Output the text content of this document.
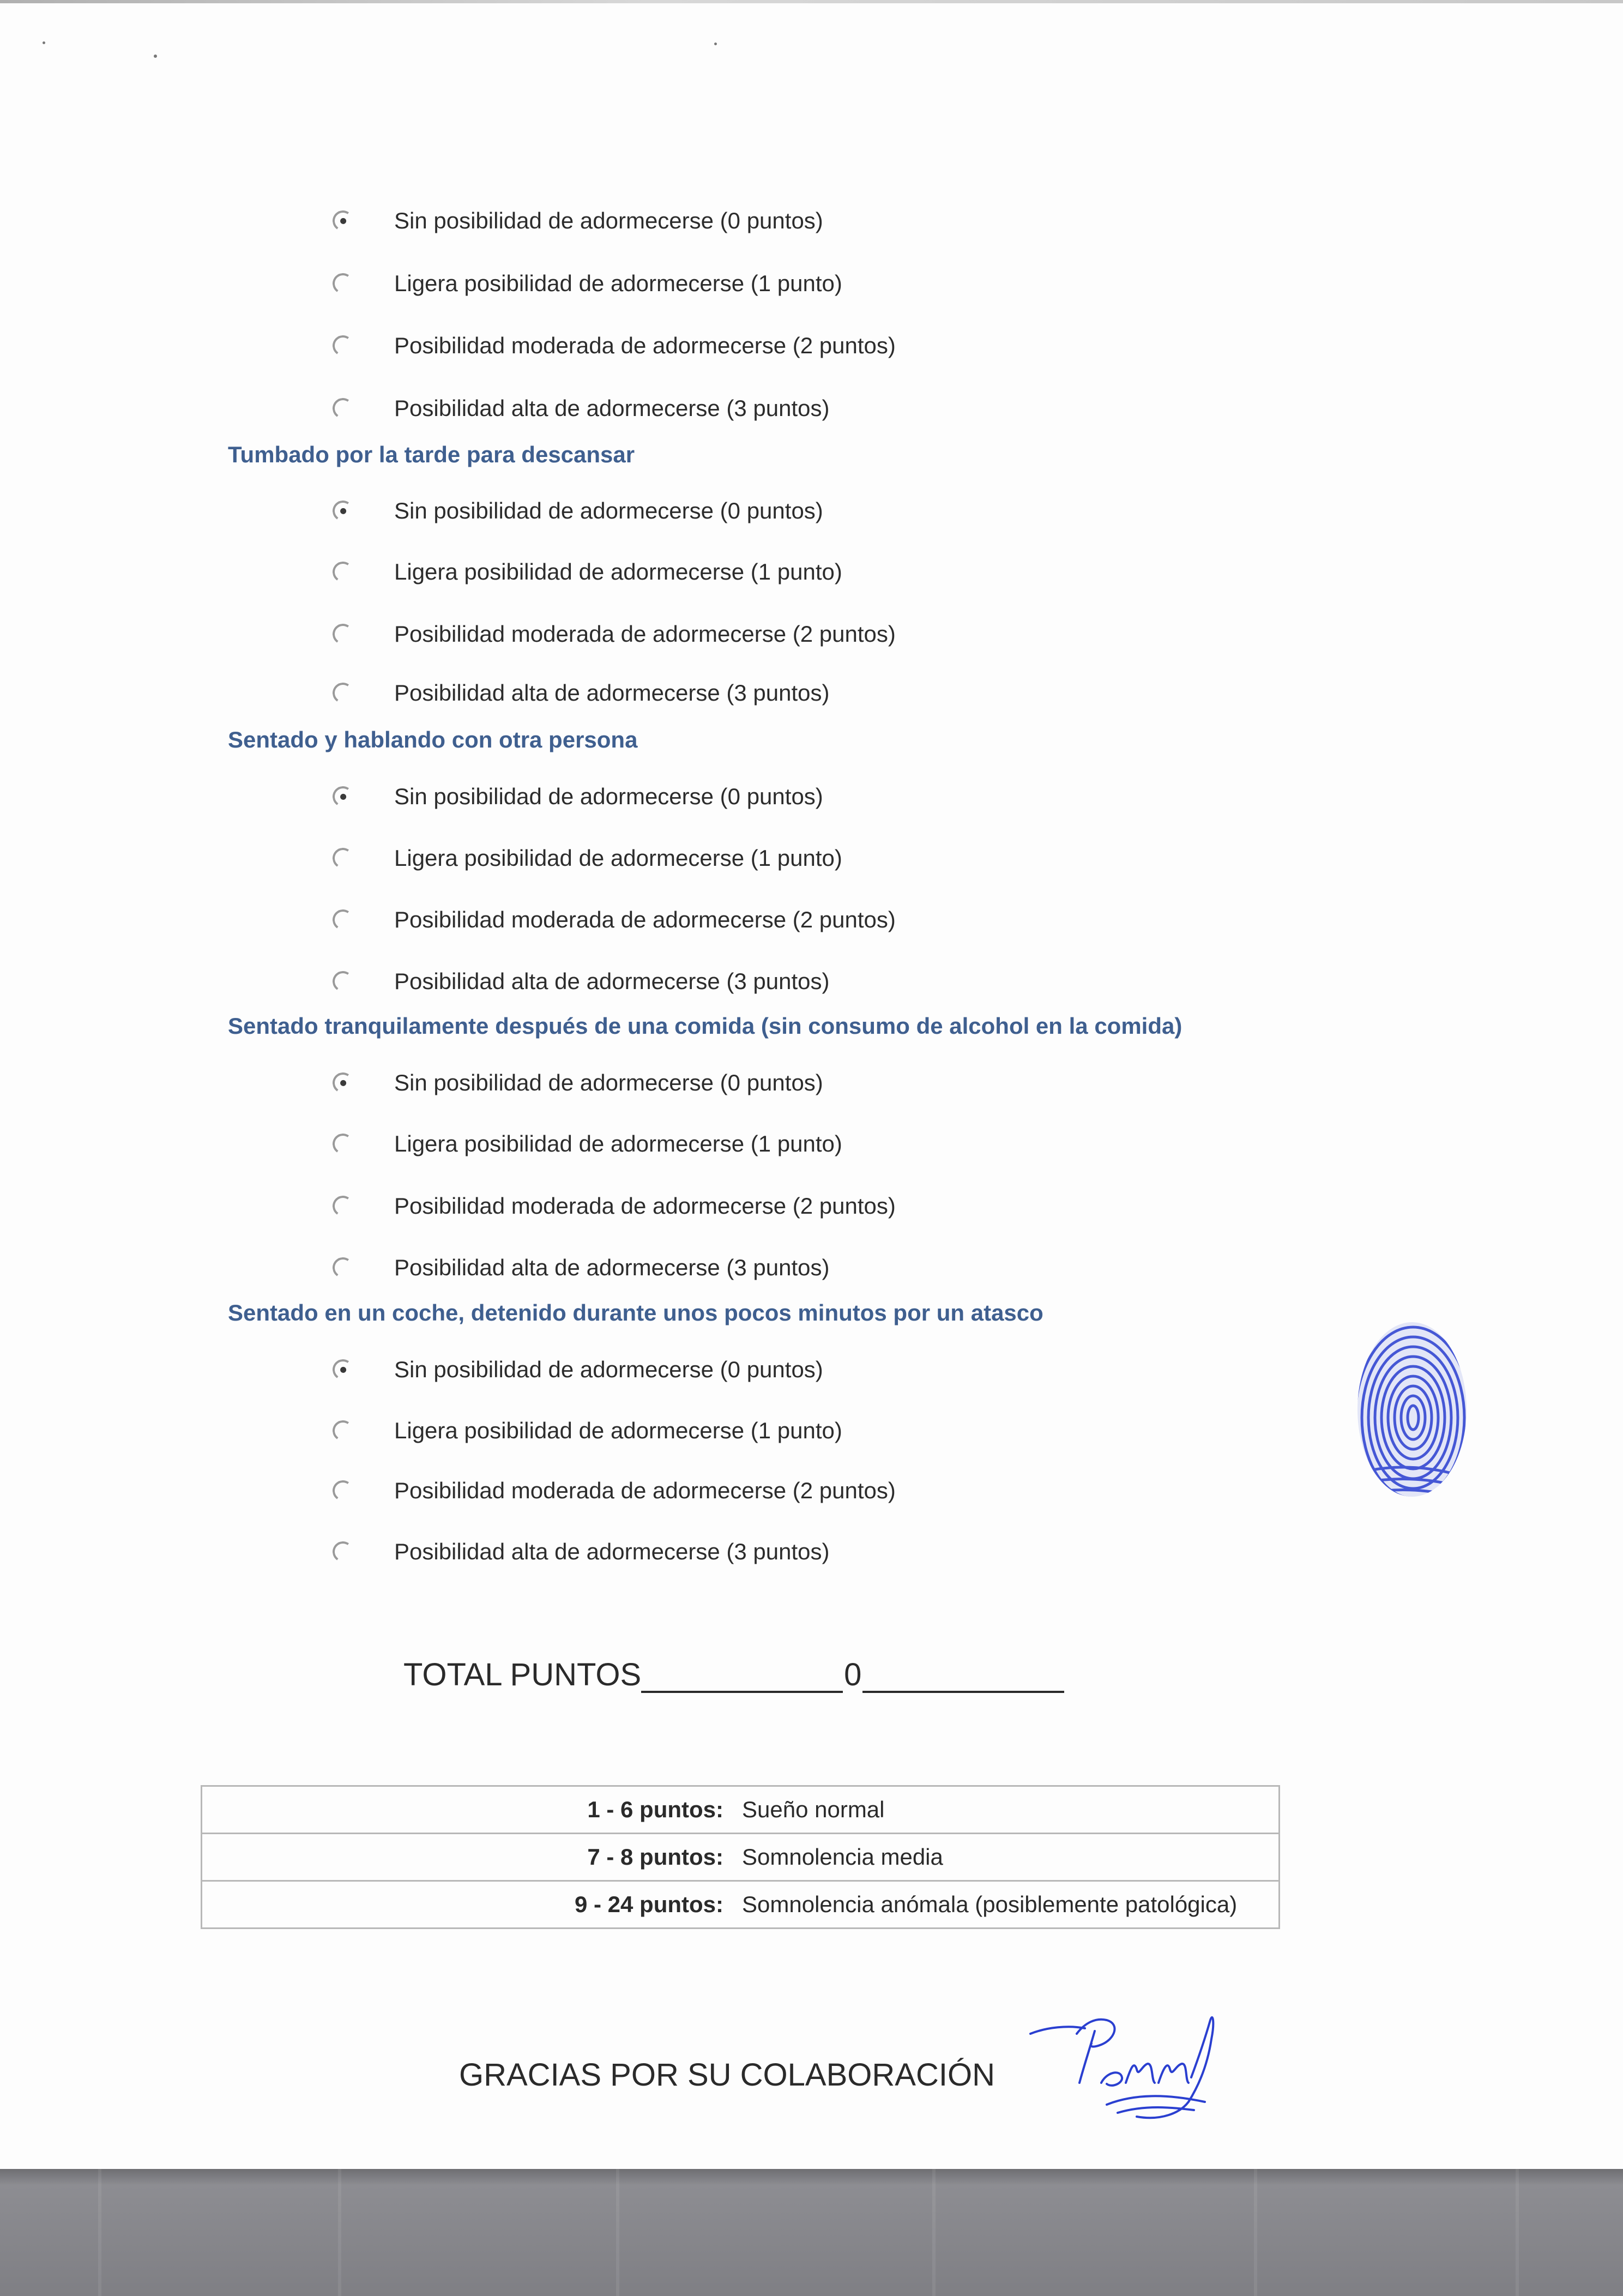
Sin posibilidad de adormecerse (0 puntos)
Ligera posibilidad de adormecerse (1 punto)
Posibilidad moderada de adormecerse (2 puntos)
Posibilidad alta de adormecerse (3 puntos)
Tumbado por la tarde para descansar
Sin posibilidad de adormecerse (0 puntos)
Ligera posibilidad de adormecerse (1 punto)
Posibilidad moderada de adormecerse (2 puntos)
Posibilidad alta de adormecerse (3 puntos)
Sentado y hablando con otra persona
Sin posibilidad de adormecerse (0 puntos)
Ligera posibilidad de adormecerse (1 punto)
Posibilidad moderada de adormecerse (2 puntos)
Posibilidad alta de adormecerse (3 puntos)
Sentado tranquilamente después de una comida (sin consumo de alcohol en la comida)
Sin posibilidad de adormecerse (0 puntos)
Ligera posibilidad de adormecerse (1 punto)
Posibilidad moderada de adormecerse (2 puntos)
Posibilidad alta de adormecerse (3 puntos)
Sentado en un coche, detenido durante unos pocos minutos por un atasco
Sin posibilidad de adormecerse (0 puntos)
Ligera posibilidad de adormecerse (1 punto)
Posibilidad moderada de adormecerse (2 puntos)
Posibilidad alta de adormecerse (3 puntos)
TOTAL PUNTOS	0
1 - 6 puntos:	Sueño normal
7 - 8 puntos:	Somnolencia media
9 - 24 puntos:	Somnolencia anómala (posiblemente patológica)
GRACIAS POR SU COLABORACIÓN
